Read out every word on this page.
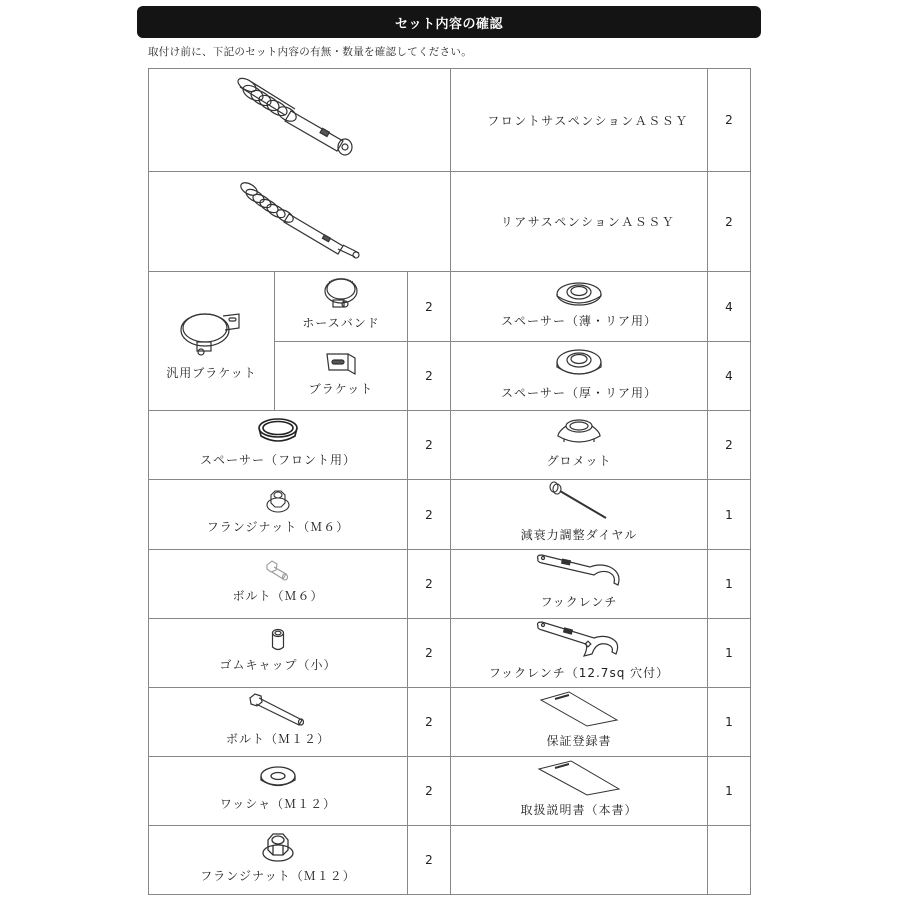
セット内容の確認
取付け前に、下記のセット内容の有無・数量を確認してください。
	フロントサスペンションＡＳＳＹ	2

	リアサスペンションＡＳＳＹ	2

汎用ブラケット	ホースバンド	2	スペーサー（薄・リア用）	4

	ブラケット	2	スペーサー（厚・リア用）	4

スペーサー（フロント用）		2	グロメット	2

フランジナット（Ｍ６）		2	減衰力調整ダイヤル	1

ボルト（Ｍ６）		2	フックレンチ	1

ゴムキャップ（小）		2	フックレンチ（12.7sq 穴付）	1

ボルト（Ｍ１２）		2	保証登録書	1

ワッシャ（Ｍ１２）		2	取扱説明書（本書）	1

フランジナット（Ｍ１２）		2		
